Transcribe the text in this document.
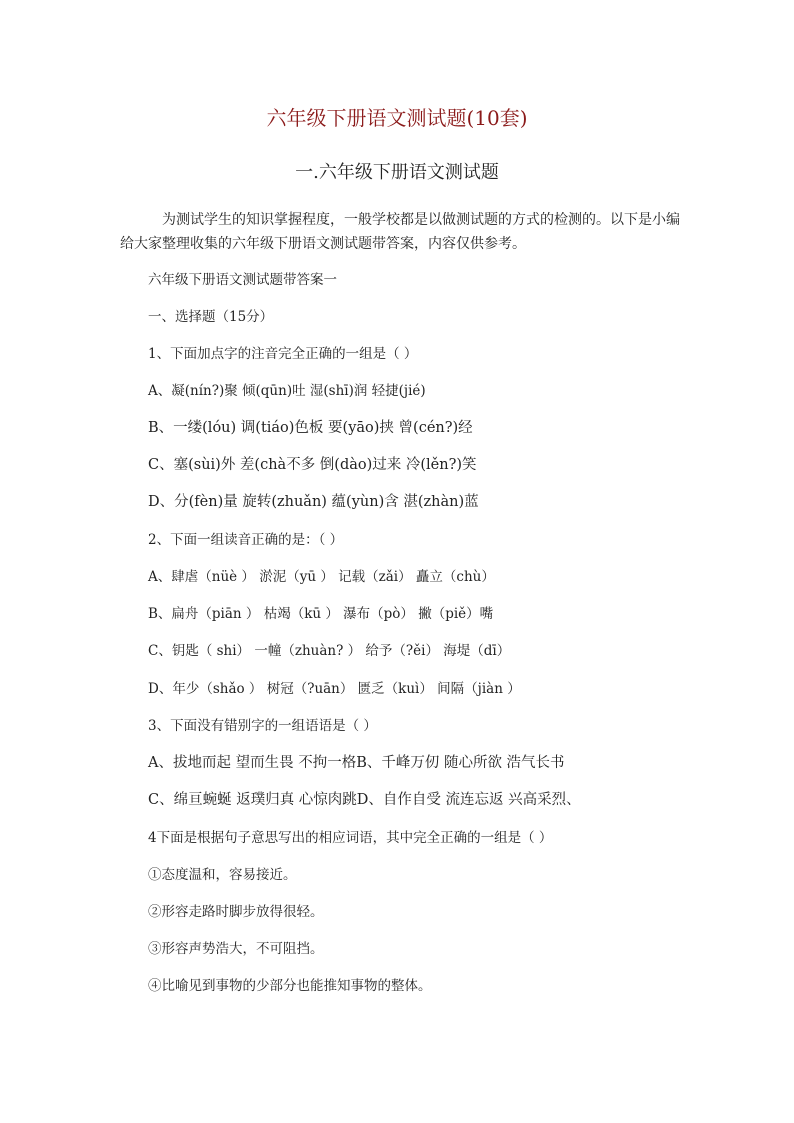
六年级下册语文测试题(10套)
一.六年级下册语文测试题
为测试学生的知识掌握程度，一般学校都是以做测试题的方式的检测的。以下是小编给大家整理收集的六年级下册语文测试题带答案，内容仅供参考。
六年级下册语文测试题带答案一
一、选择题（15分）
1、下面加点字的注音完全正确的一组是（ ）
A、凝(nín?)聚 倾(qūn)吐 湿(shī)润 轻捷(jié)
B、一缕(lóu) 调(tiáo)色板 要(yāo)挟 曾(cén?)经
C、塞(sùi)外 差(chà不多 倒(dào)过来 冷(lěn?)笑
D、分(fèn)量 旋转(zhuǎn) 蕴(yùn)含 湛(zhàn)蓝
2、下面一组读音正确的是：（ ）
A、肆虐（nüè ） 淤泥（yū ） 记载（zǎi） 矗立（chù）
B、扁舟（piān ） 枯竭（kū ） 瀑布（pò） 撇（piě）嘴
C、钥匙（ shi） 一幢（zhuàn? ） 给予（?ěi） 海堤（dī）
D、年少（shǎo ） 树冠（?uān） 匮乏（kuì） 间隔（jiàn ）
3、下面没有错别字的一组语语是（ ）
A、拔地而起 望而生畏 不拘一格B、千峰万仞 随心所欲 浩气长书
C、绵亘蜿蜒 返璞归真 心惊肉跳D、自作自受 流连忘返 兴高采烈、
4下面是根据句子意思写出的相应词语，其中完全正确的一组是（ ）
①态度温和，容易接近。
②形容走路时脚步放得很轻。
③形容声势浩大，不可阻挡。
④比喻见到事物的少部分也能推知事物的整体。
